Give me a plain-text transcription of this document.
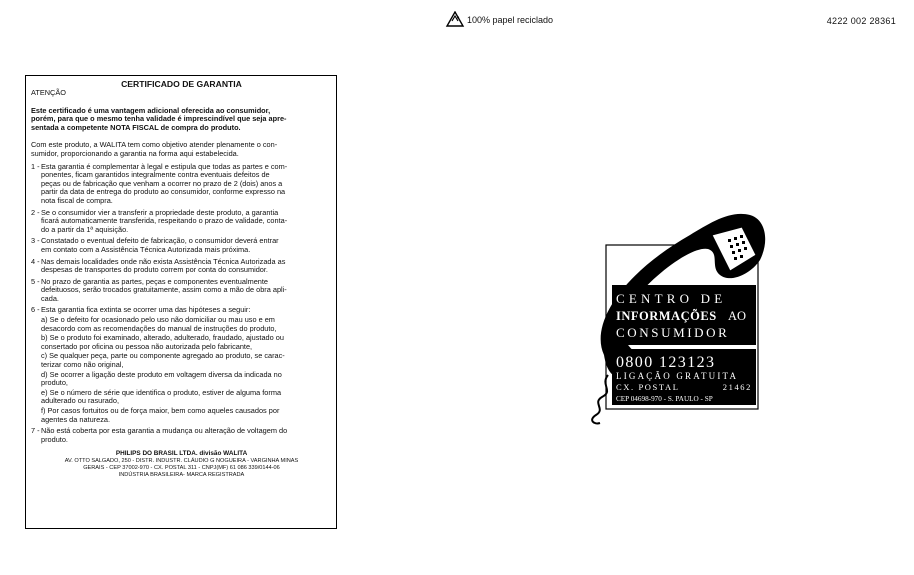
100% papel reciclado	4222 002 28361
CERTIFICADO DE GARANTIA
ATENÇÃO
Este certificado é uma vantagem adicional oferecida ao consumidor,
porém, para que o mesmo tenha validade é imprescindível que seja apre-
sentada a competente NOTA FISCAL de compra do produto.
Com este produto, a WALITA tem como objetivo atender plenamente o con-
sumidor, proporcionando a garantia na forma aqui estabelecida.
1 - Esta garantia é complementar à legal e estipula que todas as partes e com-
ponentes, ficam garantidos integralmente contra eventuais defeitos de
peças ou de fabricação que venham a ocorrer no prazo de 2 (dois) anos a
partir da data de entrega do produto ao consumidor, conforme expresso na
nota fiscal de compra.
2 - Se o consumidor vier a transferir a propriedade deste produto, a garantia
ficará automaticamente transferida, respeitando o prazo de validade, conta-
do a partir da 1ª aquisição.
3 - Constatado o eventual defeito de fabricação, o consumidor deverá entrar
em contato com a Assistência Técnica Autorizada mais próxima.
4 - Nas demais localidades onde não exista Assistência Técnica Autorizada as
despesas de transportes do produto correm por conta do consumidor.
5 - No prazo de garantia as partes, peças e componentes eventualmente
defeituosos, serão trocados gratuitamente, assim como a mão de obra apli-
cada.
6 - Esta garantia fica extinta se ocorrer uma das hipóteses a seguir:
a) Se o defeito for ocasionado pelo uso não domiciliar ou mau uso e em
desacordo com as recomendações do manual de instruções do produto,
b) Se o produto foi examinado, alterado, adulterado, fraudado, ajustado ou
consertado por oficina ou pessoa não autorizada pelo fabricante,
c) Se qualquer peça, parte ou componente agregado ao produto, se carac-
terizar como não original,
d) Se ocorrer a ligação deste produto em voltagem diversa da indicada no
produto,
e) Se o número de série que identifica o produto, estiver de alguma forma
adulterado ou rasurado,
f) Por casos fortuitos ou de força maior, bem como aqueles causados por
agentes da natureza.
7 - Não está coberta por esta garantia a mudança ou alteração de voltagem do
produto.
PHILIPS DO BRASIL LTDA. divisão WALITA
AV. OTTO SALGADO, 250 - DISTR. INDUSTR. CLÁUDIO G NOGUEIRA - VARGINHA MINAS
GERAIS - CEP 37002-970 - CX. POSTAL 311 - CNPJ(MF) 61 086 339/0144-06
INDÚSTRIA BRASILEIRA- MARCA REGISTRADA
CENTRO DE
INFORMAÇÕES AO
CONSUMIDOR
0800 123123
LIGAÇÃO GRATUITA
CX. POSTAL	21462
CEP 04698-970 - S. PAULO - SP
